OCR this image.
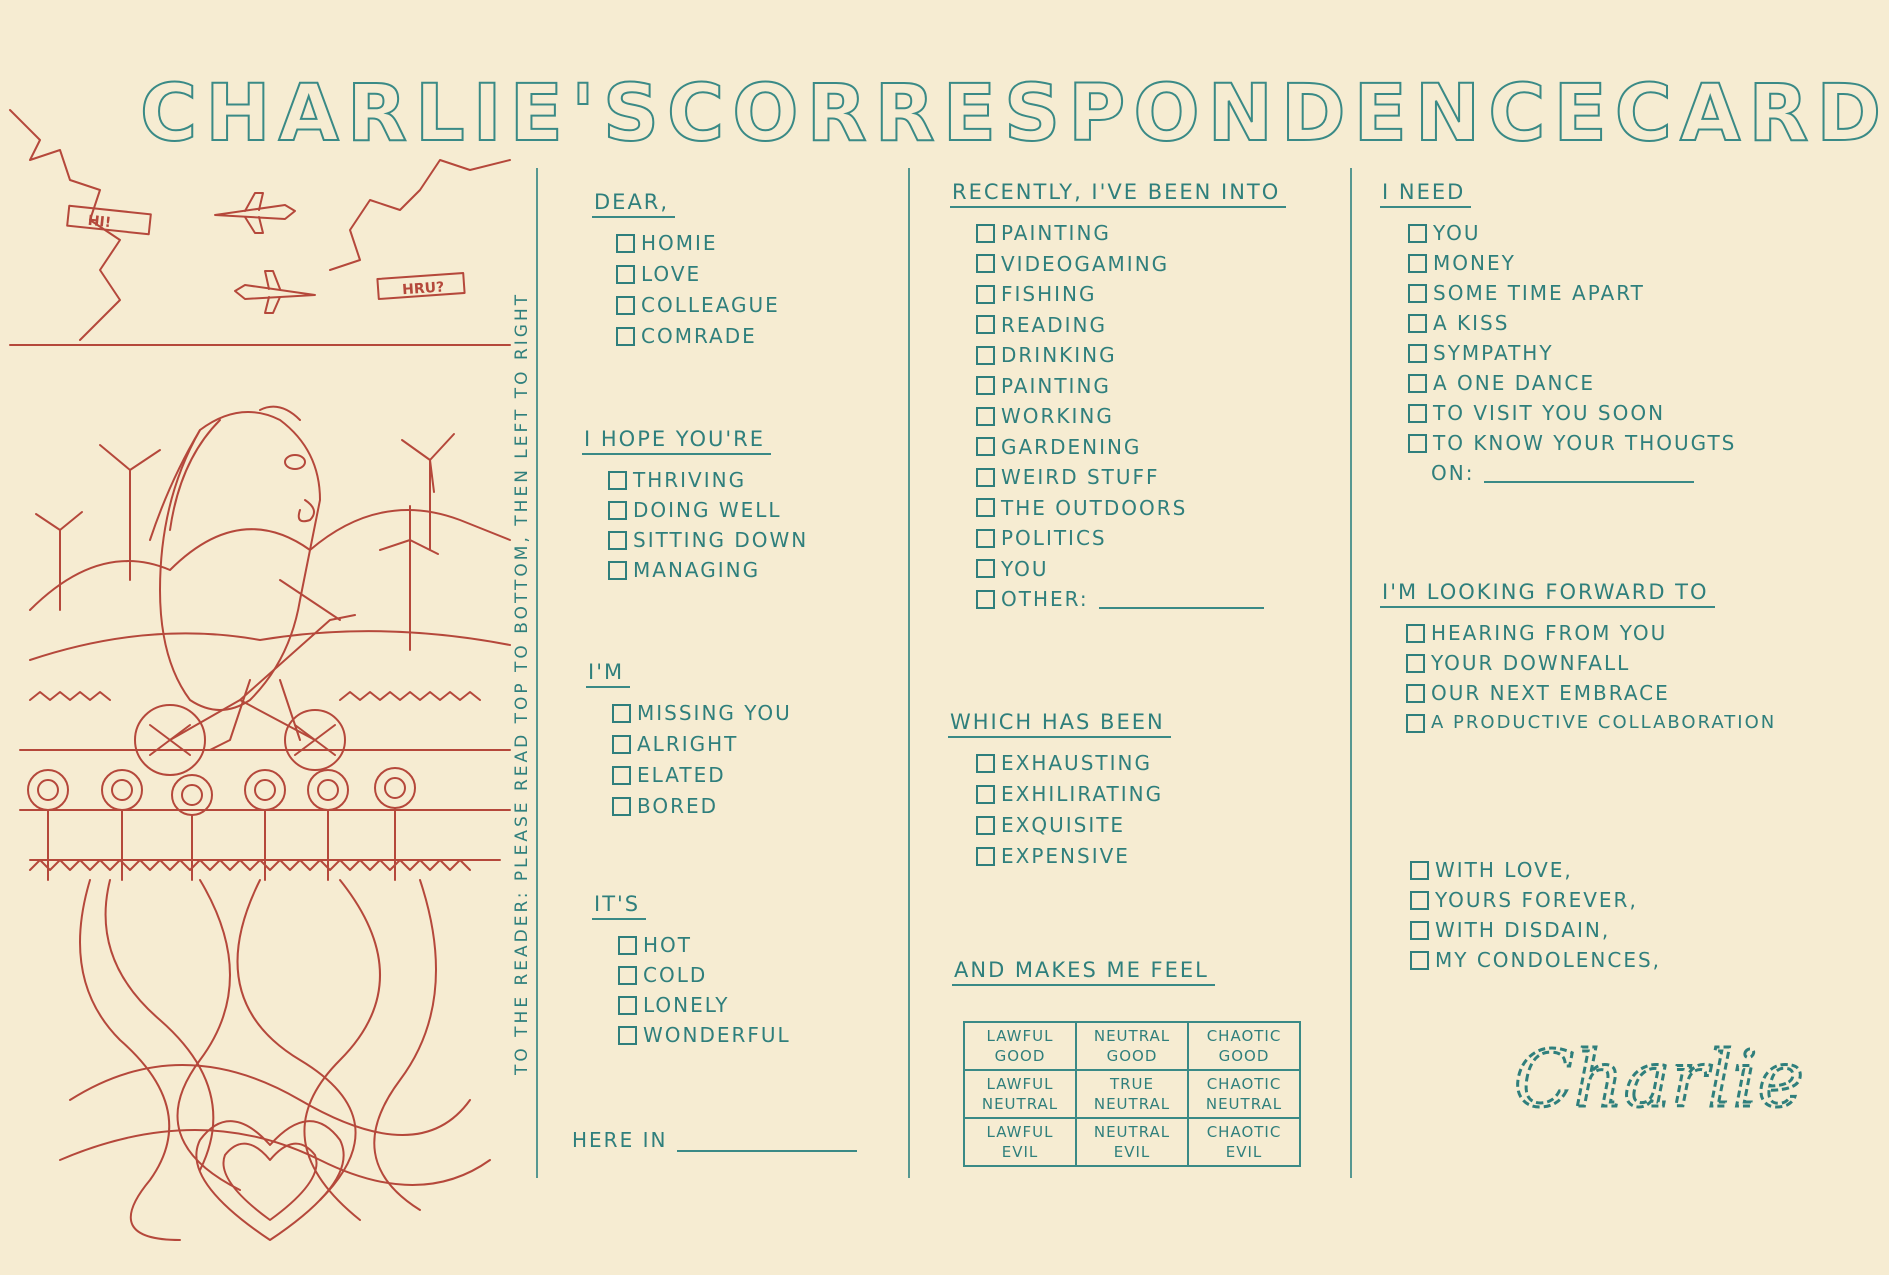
CHARLIE'S CORRESPONDENCE CARD
HI!
HRU?
TO THE READER: PLEASE READ TOP TO BOTTOM, THEN LEFT TO RIGHT
DEAR,
HOMIE
LOVE
COLLEAGUE
COMRADE
I HOPE YOU'RE
THRIVING
DOING WELL
SITTING DOWN
MANAGING
I'M
MISSING YOU
ALRIGHT
ELATED
BORED
IT'S
HOT
COLD
LONELY
WONDERFUL
HERE IN
RECENTLY, I'VE BEEN INTO
PAINTING
VIDEOGAMING
FISHING
READING
DRINKING
PAINTING
WORKING
GARDENING
WEIRD STUFF
THE OUTDOORS
POLITICS
YOU
OTHER:
WHICH HAS BEEN
EXHAUSTING
EXHILIRATING
EXQUISITE
EXPENSIVE
AND MAKES ME FEEL
LAWFUL GOOD	NEUTRAL GOOD	CHAOTIC GOOD
LAWFUL NEUTRAL	TRUE NEUTRAL	CHAOTIC NEUTRAL
LAWFUL EVIL	NEUTRAL EVIL	CHAOTIC EVIL
I NEED
YOU
MONEY
SOME TIME APART
A KISS
SYMPATHY
A ONE DANCE
TO VISIT YOU SOON
TO KNOW YOUR THOUGTS
ON:
I'M LOOKING FORWARD TO
HEARING FROM YOU
YOUR DOWNFALL
OUR NEXT EMBRACE
A PRODUCTIVE COLLABORATION
WITH LOVE,
YOURS FOREVER,
WITH DISDAIN,
MY CONDOLENCES,
Charlie
